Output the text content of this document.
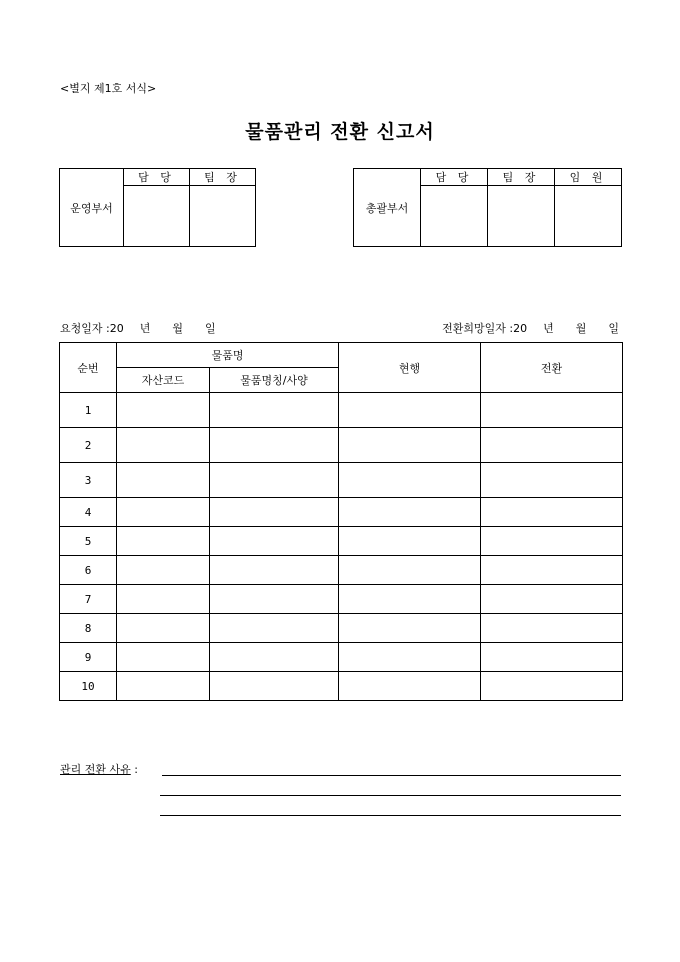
<별지 제1호 서식>
물품관리 전환 신고서
운영부서	담 당	팀 장

총괄부서	담 당	팀 장	임 원

요청일자 :20 년 월 일	전환희망일자 :20 년 월 일
순번	물품명		현행	전환
	자산코드	물품명칭/사양		
1				
2				
3				
4				
5				
6				
7				
8				
9				
10				
관리 전환 사유 :
